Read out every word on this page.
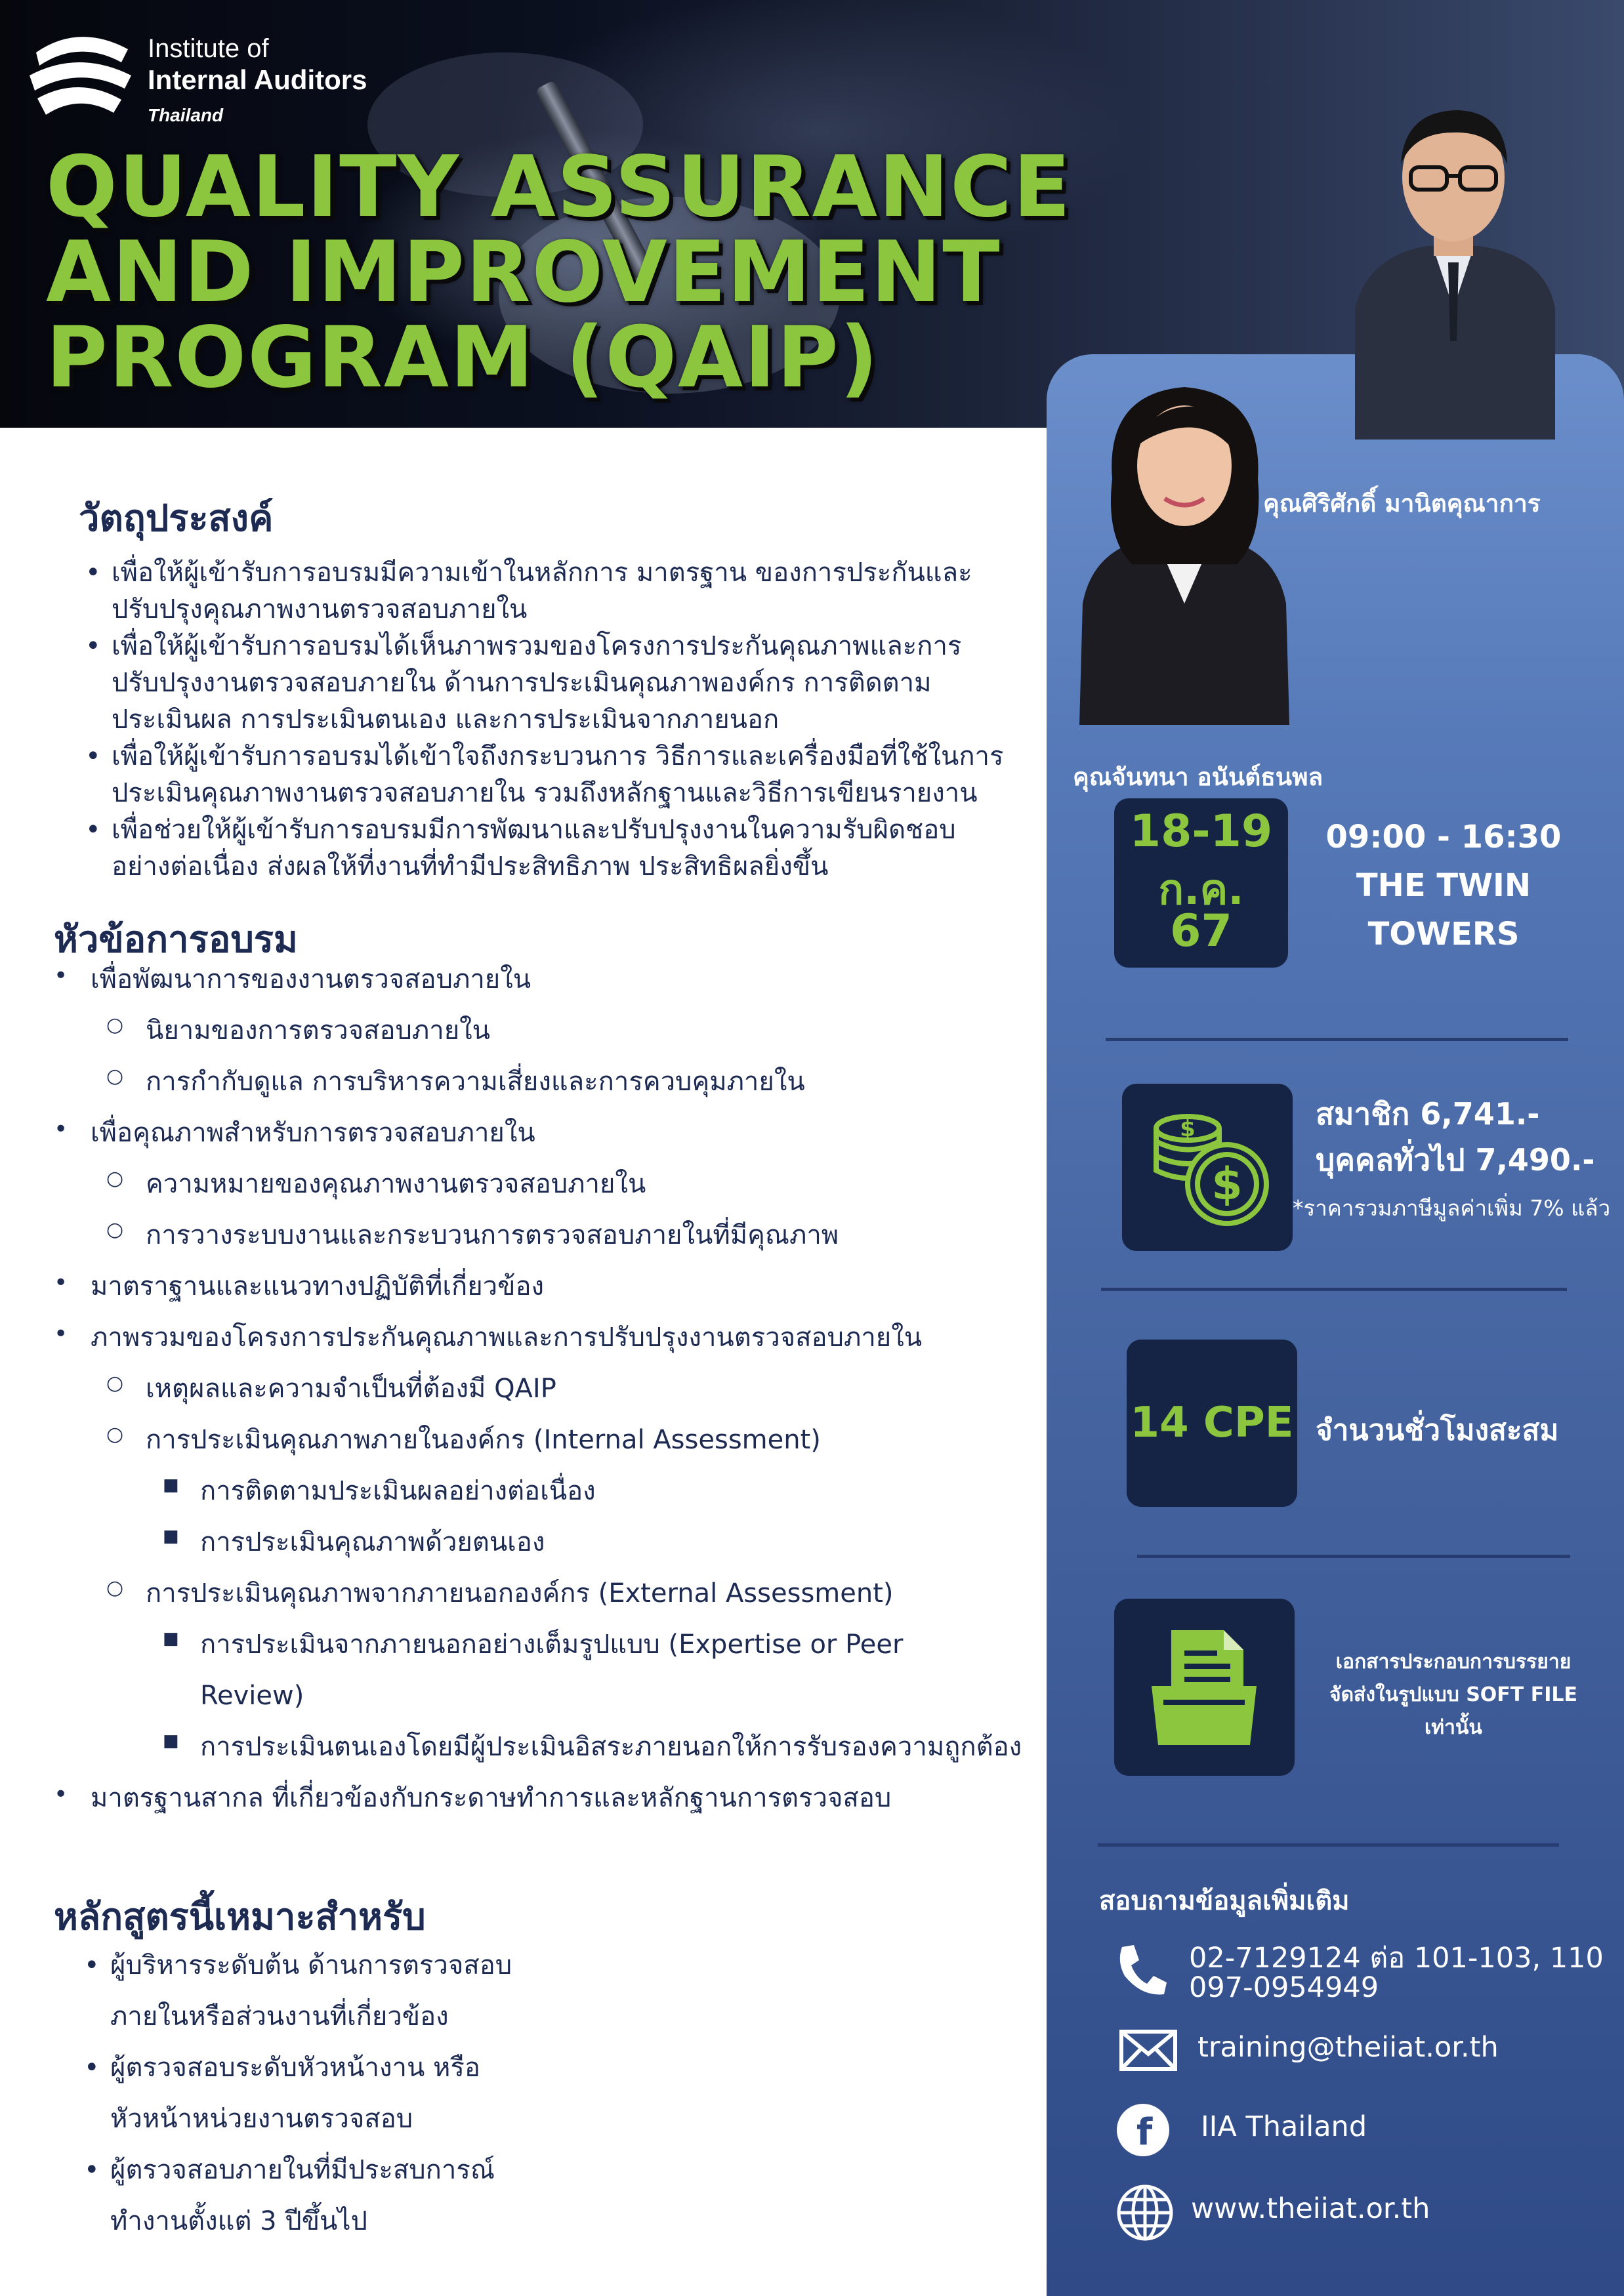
Institute of
Internal Auditors
Thailand
QUALITY ASSURANCE
AND IMPROVEMENT
PROGRAM (QAIP)
คุณศิริศักดิ์ มานิตคุณาการ
คุณจันทนา อนันต์ธนพล
18-19
ก.ค.
67
09:00 - 16:30
THE TWIN
TOWERS
$
$	สมาชิก 6,741.-
บุคคลทั่วไป 7,490.-
*ราคารวมภาษีมูลค่าเพิ่ม 7% แล้ว
14 CPE จำนวนชั่วโมงสะสม
เอกสารประกอบการบรรยาย
จัดส่งในรูปแบบ SOFT FILE
เท่านั้น
สอบถามข้อมูลเพิ่มเติม
02-7129124 ต่อ 101-103, 110
097-0954949
training@theiiat.or.th
f IIA Thailand
www.theiiat.or.th
วัตถุประสงค์
• เพื่อให้ผู้เข้ารับการอบรมมีความเข้าในหลักการ มาตรฐาน ของการประกันและ
ปรับปรุงคุณภาพงานตรวจสอบภายใน
• เพื่อให้ผู้เข้ารับการอบรมได้เห็นภาพรวมของโครงการประกันคุณภาพและการ
ปรับปรุงงานตรวจสอบภายใน ด้านการประเมินคุณภาพองค์กร การติดตาม
ประเมินผล การประเมินตนเอง และการประเมินจากภายนอก
• เพื่อให้ผู้เข้ารับการอบรมได้เข้าใจถึงกระบวนการ วิธีการและเครื่องมือที่ใช้ในการ
ประเมินคุณภาพงานตรวจสอบภายใน รวมถึงหลักฐานและวิธีการเขียนรายงาน
• เพื่อช่วยให้ผู้เข้ารับการอบรมมีการพัฒนาและปรับปรุงงานในความรับผิดชอบ
อย่างต่อเนื่อง ส่งผลให้ที่งานที่ทำมีประสิทธิภาพ ประสิทธิผลยิ่งขึ้น
หัวข้อการอบรม
• เพื่อพัฒนาการของงานตรวจสอบภายใน
○ นิยามของการตรวจสอบภายใน
○ การกำกับดูแล การบริหารความเสี่ยงและการควบคุมภายใน
• เพื่อคุณภาพสำหรับการตรวจสอบภายใน
○ ความหมายของคุณภาพงานตรวจสอบภายใน
○ การวางระบบงานและกระบวนการตรวจสอบภายในที่มีคุณภาพ
• มาตราฐานและแนวทางปฏิบัติที่เกี่ยวข้อง
• ภาพรวมของโครงการประกันคุณภาพและการปรับปรุงงานตรวจสอบภายใน
○ เหตุผลและความจำเป็นที่ต้องมี QAIP
○ การประเมินคุณภาพภายในองค์กร (Internal Assessment)
■ การติดตามประเมินผลอย่างต่อเนื่อง
■ การประเมินคุณภาพด้วยตนเอง
○ การประเมินคุณภาพจากภายนอกองค์กร (External Assessment)
■ การประเมินจากภายนอกอย่างเต็มรูปแบบ (Expertise or Peer
Review)
■ การประเมินตนเองโดยมีผู้ประเมินอิสระภายนอกให้การรับรองความถูกต้อง
• มาตรฐานสากล ที่เกี่ยวข้องกับกระดาษทำการและหลักฐานการตรวจสอบ
หลักสูตรนี้เหมาะสำหรับ
• ผู้บริหารระดับต้น ด้านการตรวจสอบ
ภายในหรือส่วนงานที่เกี่ยวข้อง
• ผู้ตรวจสอบระดับหัวหน้างาน หรือ
หัวหน้าหน่วยงานตรวจสอบ
• ผู้ตรวจสอบภายในที่มีประสบการณ์
ทำงานตั้งแต่ 3 ปีขึ้นไป
